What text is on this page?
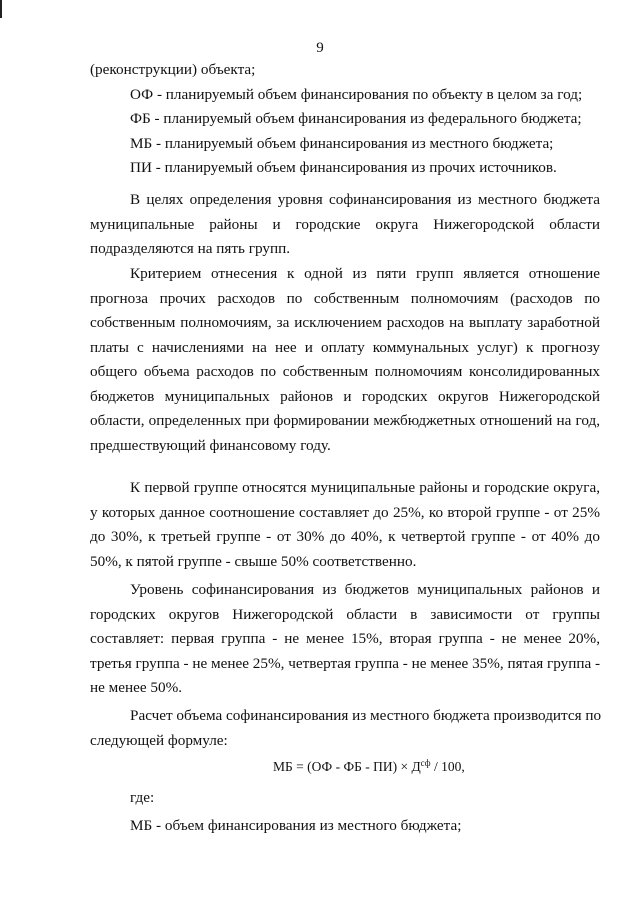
9
(реконструкции) объекта;
ОФ - планируемый объем финансирования по объекту в целом за год;
ФБ - планируемый объем финансирования из федерального бюджета;
МБ - планируемый объем финансирования из местного бюджета;
ПИ - планируемый объем финансирования из прочих источников.
В целях определения уровня софинансирования из местного бюджета
муниципальные районы и городские округа Нижегородской области
подразделяются на пять групп.
Критерием отнесения к одной из пяти групп является отношение
прогноза прочих расходов по собственным полномочиям (расходов по
собственным полномочиям, за исключением расходов на выплату заработной
платы с начислениями на нее и оплату коммунальных услуг) к прогнозу
общего объема расходов по собственным полномочиям консолидированных
бюджетов муниципальных районов и городских округов Нижегородской
области, определенных при формировании межбюджетных отношений на год,
предшествующий финансовому году.
К первой группе относятся муниципальные районы и городские округа,
у которых данное соотношение составляет до 25%, ко второй группе - от 25%
до 30%, к третьей группе - от 30% до 40%, к четвертой группе - от 40% до
50%, к пятой группе - свыше 50% соответственно.
Уровень софинансирования из бюджетов муниципальных районов и
городских округов Нижегородской области в зависимости от группы
составляет: первая группа - не менее 15%, вторая группа - не менее 20%,
третья группа - не менее 25%, четвертая группа - не менее 35%, пятая группа -
не менее 50%.
Расчет объема софинансирования из местного бюджета производится по
следующей формуле:
МБ = (ОФ - ФБ - $ПИ) \times Д^{сф} / 100$,
где:
МБ - объем финансирования из местного бюджета;
